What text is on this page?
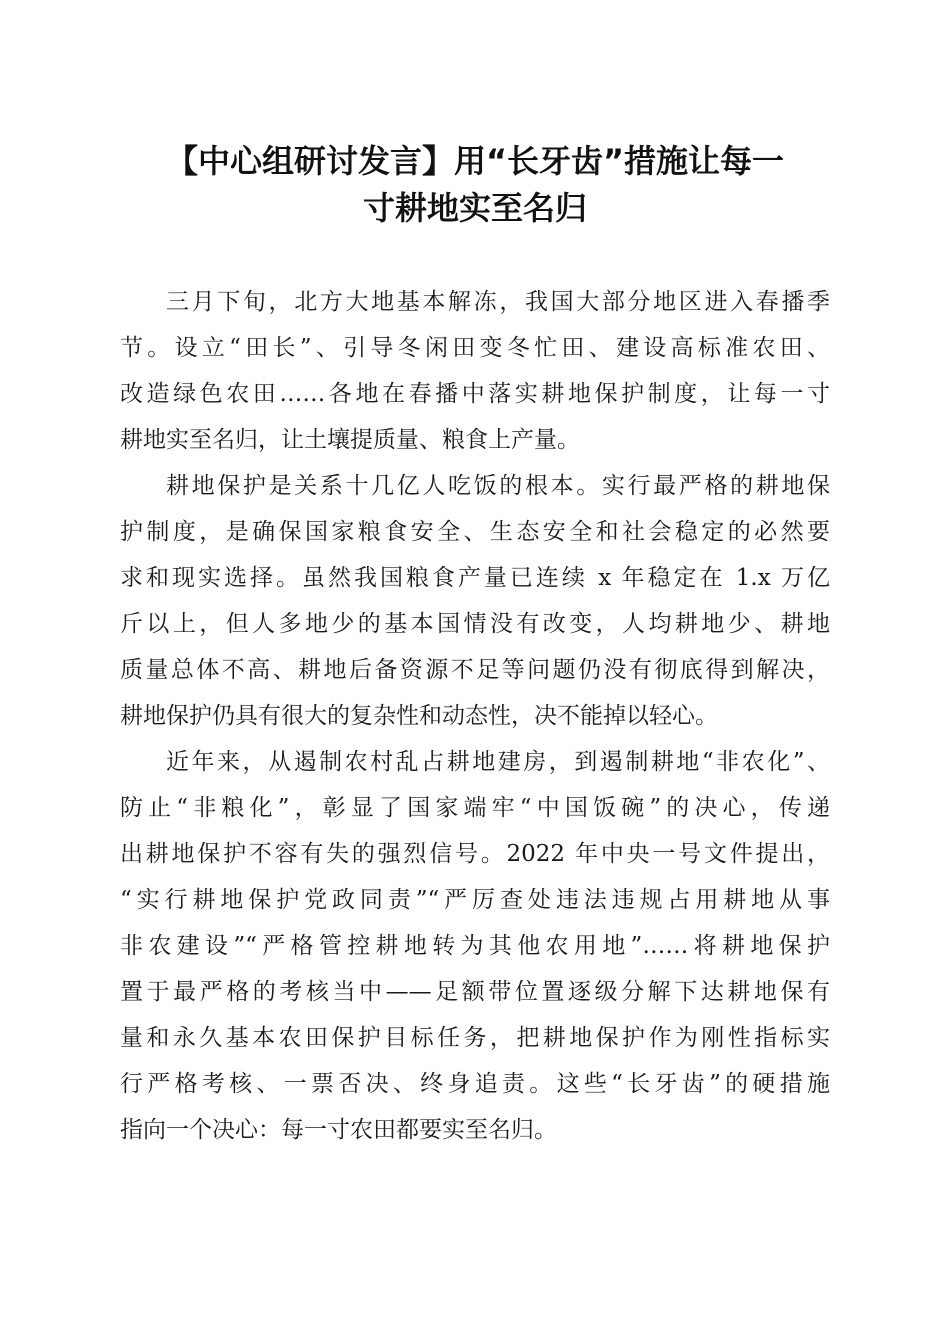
【中心组研讨发言】用“长牙齿”措施让每一
寸耕地实至名归
三月下旬，北方大地基本解冻，我国大部分地区进入春播季
节。设立“田长”、引导冬闲田变冬忙田、建设高标准农田、
改造绿色农田……各地在春播中落实耕地保护制度，让每一寸
耕地实至名归，让土壤提质量、粮食上产量。
耕地保护是关系十几亿人吃饭的根本。实行最严格的耕地保
护制度，是确保国家粮食安全、生态安全和社会稳定的必然要
求和现实选择。虽然我国粮食产量已连续 x 年稳定在 1.x 万亿
斤以上，但人多地少的基本国情没有改变，人均耕地少、耕地
质量总体不高、耕地后备资源不足等问题仍没有彻底得到解决，
耕地保护仍具有很大的复杂性和动态性，决不能掉以轻心。
近年来，从遏制农村乱占耕地建房，到遏制耕地“非农化”、
防止“非粮化”，彰显了国家端牢“中国饭碗”的决心，传递
出耕地保护不容有失的强烈信号。2022 年中央一号文件提出，
“实行耕地保护党政同责”“严厉查处违法违规占用耕地从事
非农建设”“严格管控耕地转为其他农用地”……将耕地保护
置于最严格的考核当中——足额带位置逐级分解下达耕地保有
量和永久基本农田保护目标任务，把耕地保护作为刚性指标实
行严格考核、一票否决、终身追责。这些“长牙齿”的硬措施
指向一个决心：每一寸农田都要实至名归。
